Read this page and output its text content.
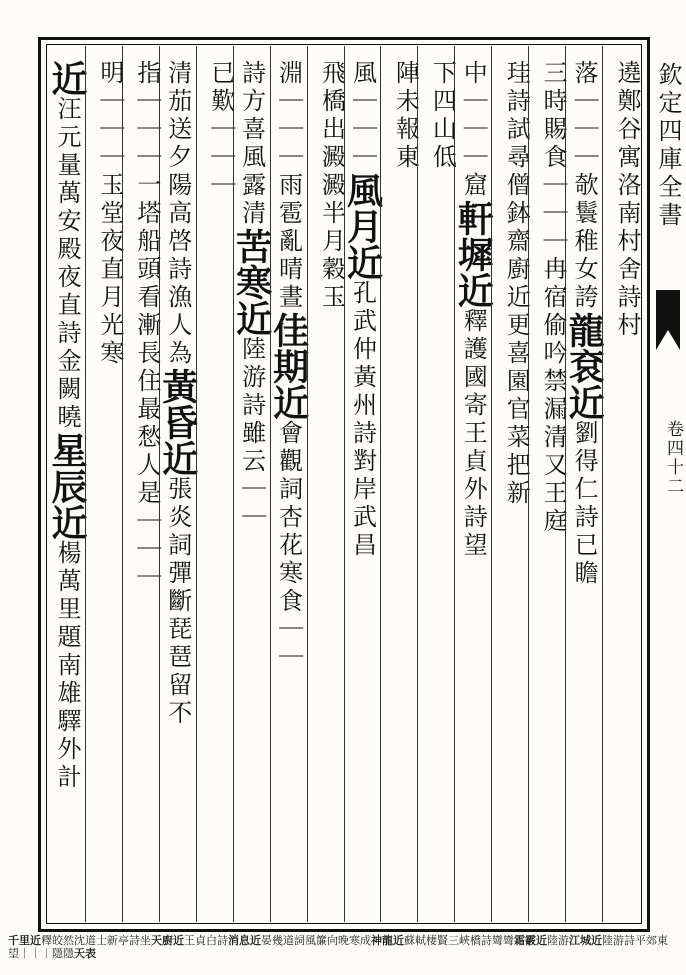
欽定四庫全書
卷四十二
近汪元量萬安殿夜直詩金闕曉星辰近楊萬里題南雄驛外計
明｜｜｜玉堂夜直月光寒 指｜｜｜一塔船頭看漸長住最愁人是｜｜｜
清茄送夕陽高啓詩漁人為黃昏近張炎詞彈斷琵琶留不
已歎｜｜｜ 詩方喜風露清苦寒近陸游詩雖云｜｜
淵｜｜｜雨雹亂晴晝佳期近會觀詞杏花寒食｜｜
飛橋出澱澱半月穀玉 風｜｜｜風月近孔武仲黃州詩對岸武昌
陣未報東 下四山低 中｜｜｜窟軒墀近釋護國寄王貞外詩望 珪詩試尋僧鉢齋廚近更喜園官菜把新 三時賜食｜｜｜冉宿偷吟禁漏清又王庭 落｜｜｜欹鬟稚女誇龍袞近劉得仁詩已瞻
遶鄭谷寓洛南村舍詩村
千里近釋皎然沈道士新亭詩坐天廚近王貞白詩消息近晏幾道詞風簾向晚寒成神龍近蘇軾棲賢三峽橋詩彎彎霜霰近陸游江城近陸游詩平郊東望｜｜｜隱隱天表
